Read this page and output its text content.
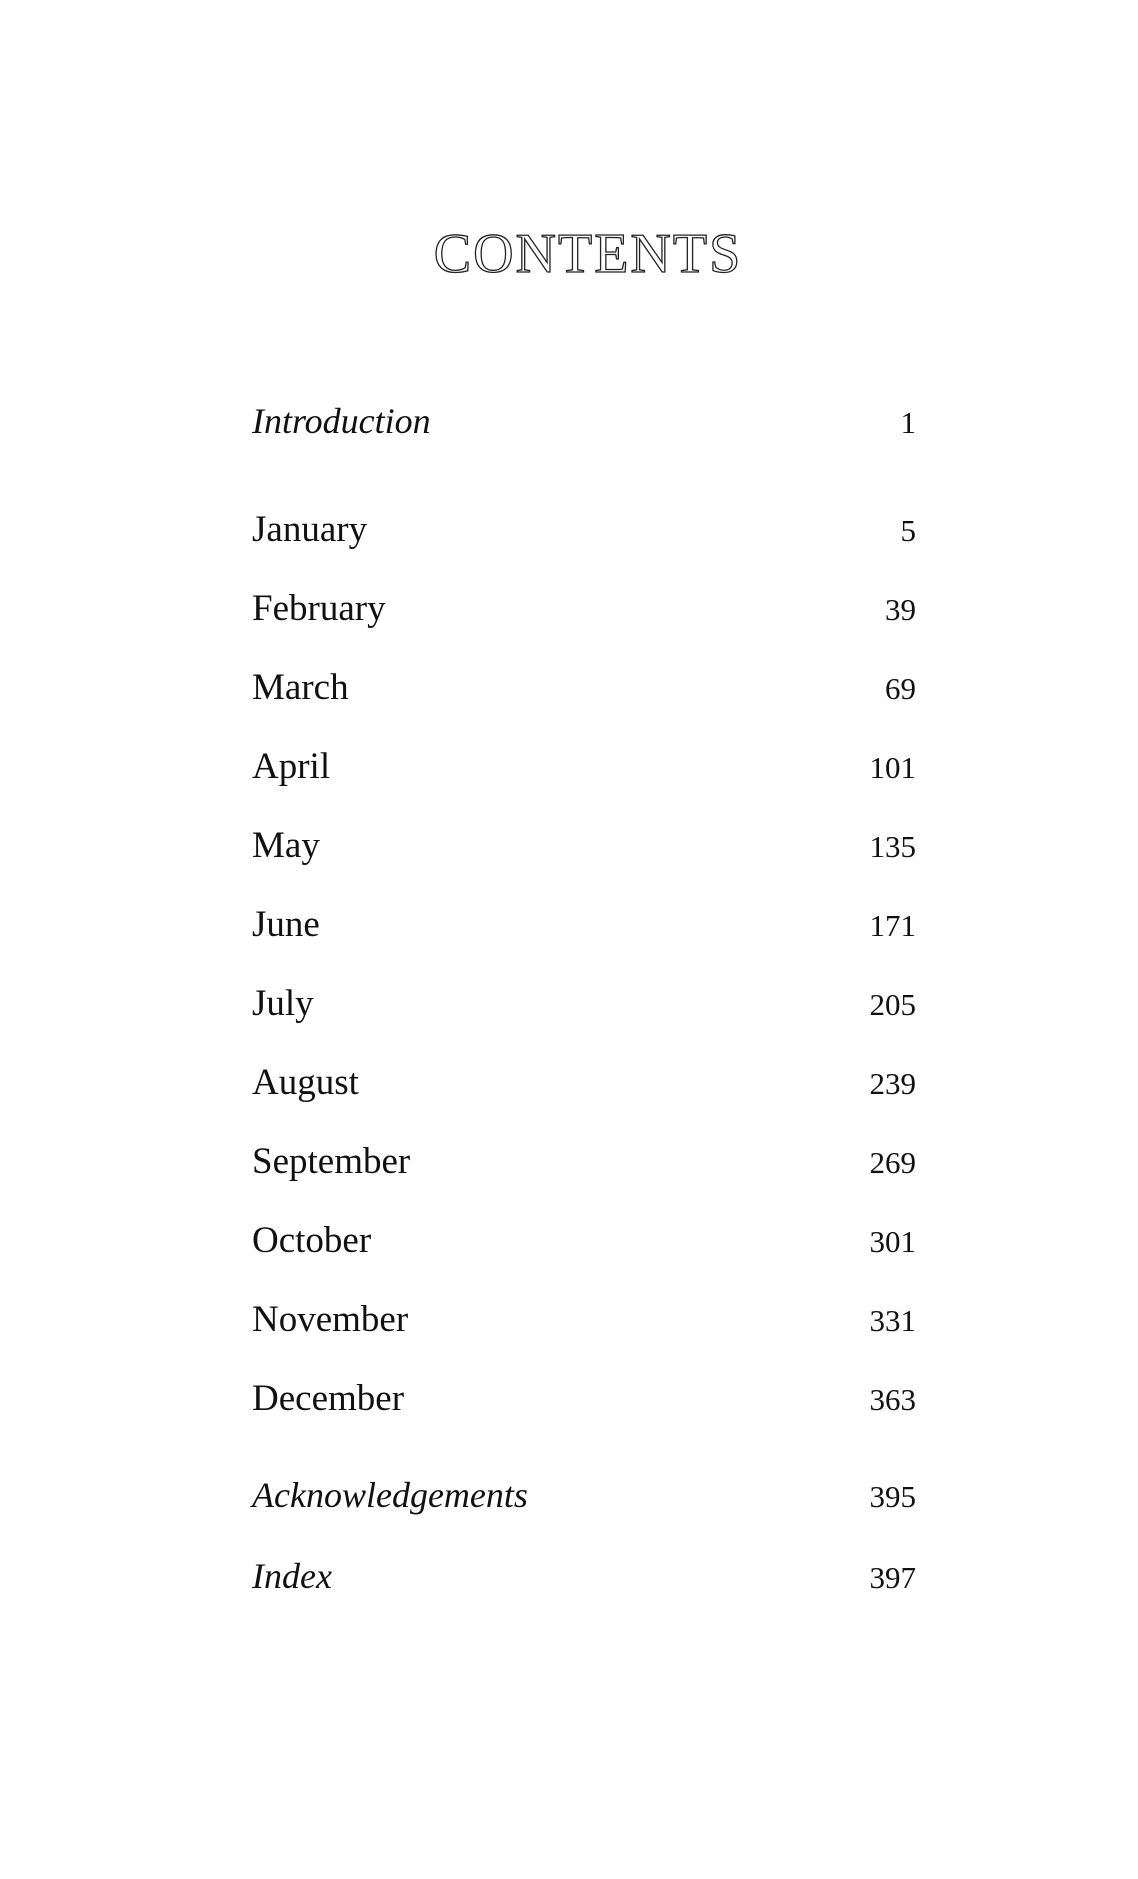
CONTENTS
Introduction	1
January	5
February	39
March	69
April	101
May	135
June	171
July	205
August	239
September	269
October	301
November	331
December	363
Acknowledgements	395
Index	397
